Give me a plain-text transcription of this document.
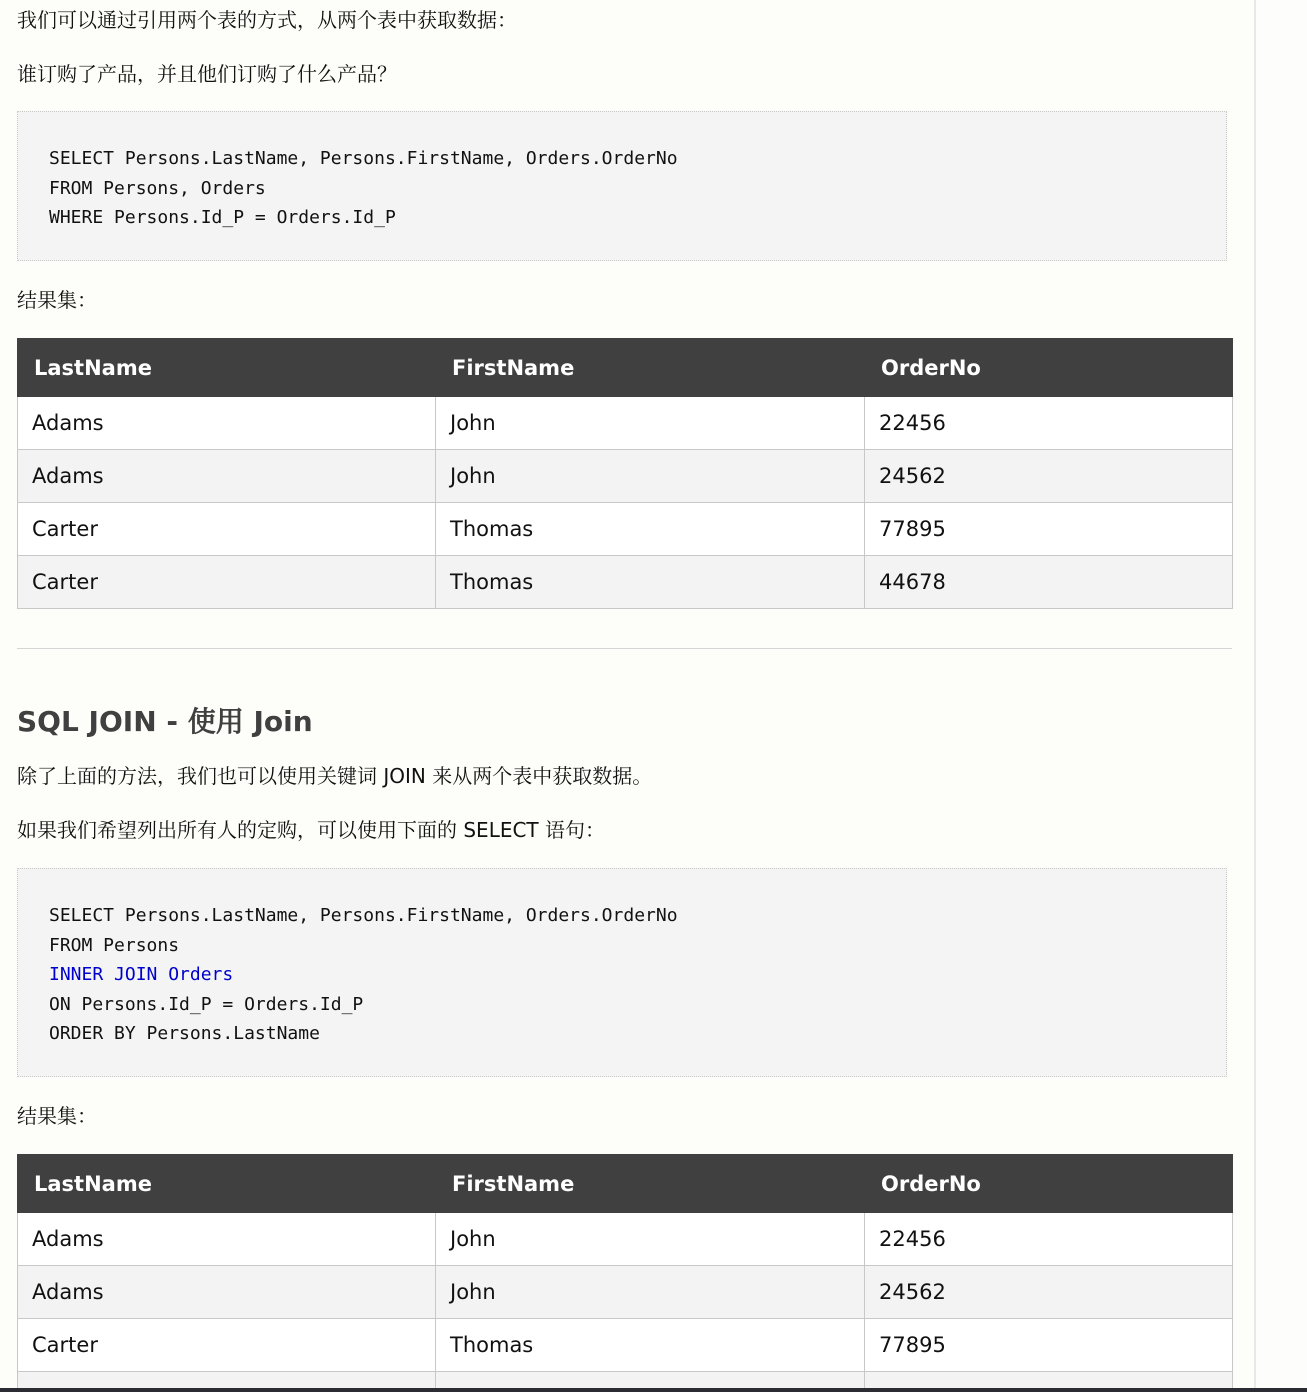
我们可以通过引用两个表的方式，从两个表中获取数据：

谁订购了产品，并且他们订购了什么产品？

SELECT Persons.LastName, Persons.FirstName, Orders.OrderNo
FROM Persons, Orders
WHERE Persons.Id_P = Orders.Id_P

结果集：

LastName	FirstName	OrderNo
Adams	John	22456
Adams	John	24562
Carter	Thomas	77895
Carter	Thomas	44678
SQL JOIN - 使用 Join

除了上面的方法，我们也可以使用关键词 JOIN 来从两个表中获取数据。

如果我们希望列出所有人的定购，可以使用下面的 SELECT 语句：

SELECT Persons.LastName, Persons.FirstName, Orders.OrderNo
FROM Persons
INNER JOIN Orders
ON Persons.Id_P = Orders.Id_P
ORDER BY Persons.LastName

结果集：

LastName	FirstName	OrderNo
Adams	John	22456
Adams	John	24562
Carter	Thomas	77895
